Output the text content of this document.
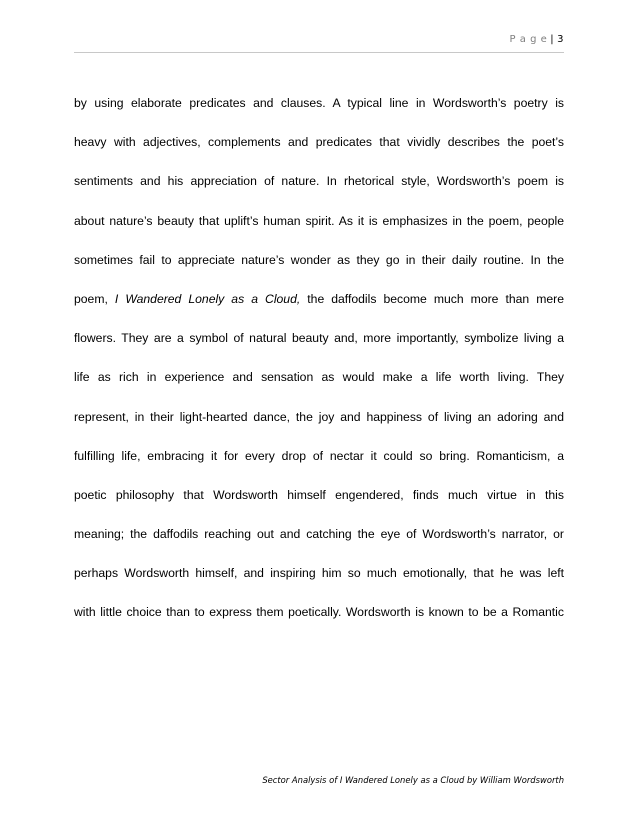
P a g e | 3
by using elaborate predicates and clauses. A typical line in Wordsworth’s poetry is
heavy with adjectives, complements and predicates that vividly describes the poet’s
sentiments and his appreciation of nature. In rhetorical style, Wordsworth’s poem is
about nature’s beauty that uplift’s human spirit. As it is emphasizes in the poem, people
sometimes fail to appreciate nature’s wonder as they go in their daily routine. In the
poem, I Wandered Lonely as a Cloud, the daffodils become much more than mere
flowers. They are a symbol of natural beauty and, more importantly, symbolize living a
life as rich in experience and sensation as would make a life worth living. They
represent, in their light-hearted dance, the joy and happiness of living an adoring and
fulfilling life, embracing it for every drop of nectar it could so bring. Romanticism, a
poetic philosophy that Wordsworth himself engendered, finds much virtue in this
meaning; the daffodils reaching out and catching the eye of Wordsworth’s narrator, or
perhaps Wordsworth himself, and inspiring him so much emotionally, that he was left
with little choice than to express them poetically. Wordsworth is known to be a Romantic
Sector Analysis of I Wandered Lonely as a Cloud by William Wordsworth
